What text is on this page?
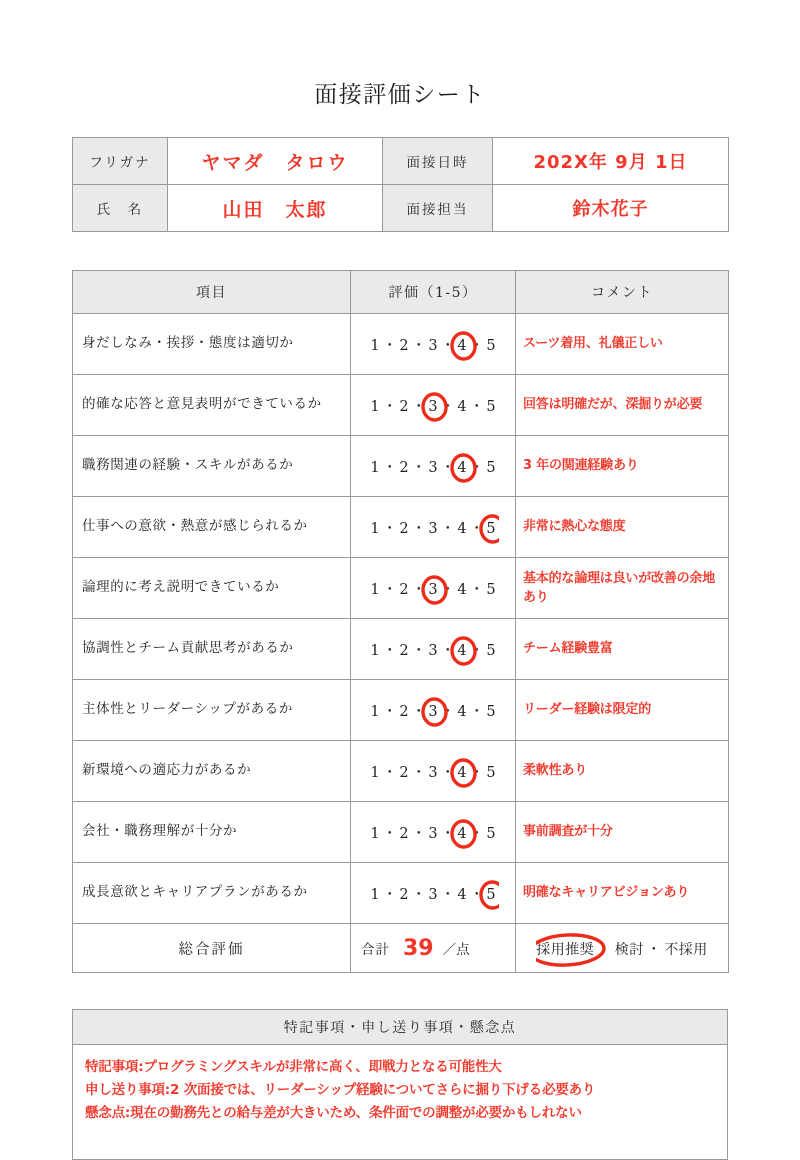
面接評価シート
フリガナ	ヤマダ　タロウ	面接日時	202X年 9月 1日
氏　名	山田　太郎	面接担当	鈴木花子
項目	評価（1-5）	コメント
身だしなみ・挨拶・態度は適切か	1 ・ 2 ・ 3 ・ 4 ・ 5	スーツ着用、礼儀正しい
的確な応答と意見表明ができているか	1 ・ 2 ・ 3 ・ 4 ・ 5	回答は明確だが、深掘りが必要
職務関連の経験・スキルがあるか	1 ・ 2 ・ 3 ・ 4 ・ 5	3 年の関連経験あり
仕事への意欲・熱意が感じられるか	1 ・ 2 ・ 3 ・ 4 ・ 5	非常に熱心な態度
論理的に考え説明できているか	1 ・ 2 ・ 3 ・ 4 ・ 5	基本的な論理は良いが改善の余地あり
協調性とチーム貢献思考があるか	1 ・ 2 ・ 3 ・ 4 ・ 5	チーム経験豊富
主体性とリーダーシップがあるか	1 ・ 2 ・ 3 ・ 4 ・ 5	リーダー経験は限定的
新環境への適応力があるか	1 ・ 2 ・ 3 ・ 4 ・ 5	柔軟性あり
会社・職務理解が十分か	1 ・ 2 ・ 3 ・ 4 ・ 5	事前調査が十分
成長意欲とキャリアプランがあるか	1 ・ 2 ・ 3 ・ 4 ・ 5	明確なキャリアビジョンあり
総合評価	合計 39 ／点	採用推奨 ・ 検討 ・ 不採用
特記事項・申し送り事項・懸念点

特記事項:プログラミングスキルが非常に高く、即戦力となる可能性大
申し送り事項:2 次面接では、リーダーシップ経験についてさらに掘り下げる必要あり
懸念点:現在の勤務先との給与差が大きいため、条件面での調整が必要かもしれない
